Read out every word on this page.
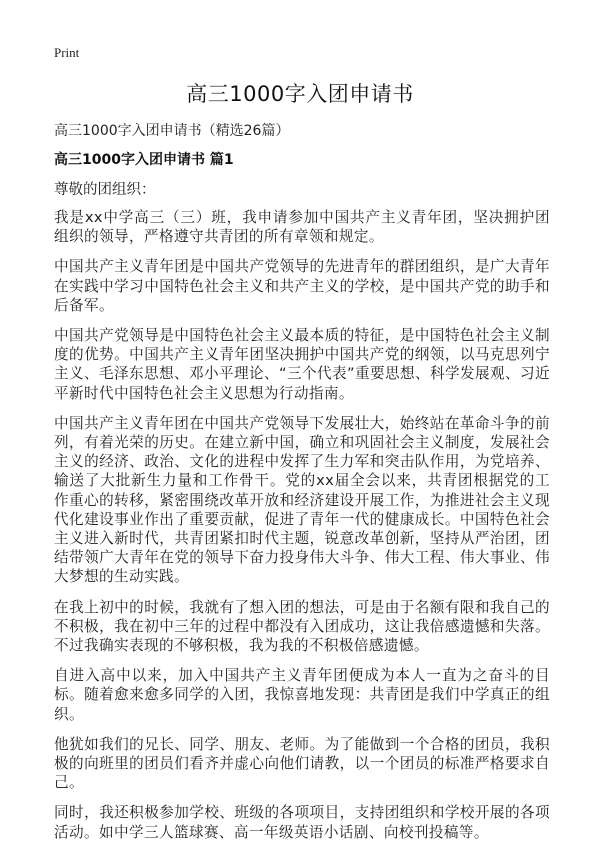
Print
高三1000字入团申请书
高三1000字入团申请书（精选26篇）
高三1000字入团申请书 篇1
尊敬的团组织：

我是xx中学高三（三）班，我申请参加中国共产主义青年团，坚决拥护团组织的领导，严格遵守共青团的所有章领和规定。

中国共产主义青年团是中国共产党领导的先进青年的群团组织，是广大青年在实践中学习中国特色社会主义和共产主义的学校，是中国共产党的助手和后备军。

中国共产党领导是中国特色社会主义最本质的特征，是中国特色社会主义制度的优势。中国共产主义青年团坚决拥护中国共产党的纲领，以马克思列宁主义、毛泽东思想、邓小平理论、“三个代表”重要思想、科学发展观、习近平新时代中国特色社会主义思想为行动指南。

中国共产主义青年团在中国共产党领导下发展壮大，始终站在革命斗争的前列，有着光荣的历史。在建立新中国，确立和巩固社会主义制度，发展社会主义的经济、政治、文化的进程中发挥了生力军和突击队作用，为党培养、输送了大批新生力量和工作骨干。党的xx届全会以来，共青团根据党的工作重心的转移，紧密围绕改革开放和经济建设开展工作，为推进社会主义现代化建设事业作出了重要贡献，促进了青年一代的健康成长。中国特色社会主义进入新时代，共青团紧扣时代主题，锐意改革创新，坚持从严治团，团结带领广大青年在党的领导下奋力投身伟大斗争、伟大工程、伟大事业、伟大梦想的生动实践。

在我上初中的时候，我就有了想入团的想法，可是由于名额有限和我自己的不积极，我在初中三年的过程中都没有入团成功，这让我倍感遗憾和失落。不过我确实表现的不够积极，我为我的不积极倍感遗憾。

自进入高中以来，加入中国共产主义青年团便成为本人一直为之奋斗的目标。随着愈来愈多同学的入团，我惊喜地发现：共青团是我们中学真正的组织。

他犹如我们的兄长、同学、朋友、老师。为了能做到一个合格的团员，我积极的向班里的团员们看齐并虚心向他们请教，以一个团员的标准严格要求自己。

同时，我还积极参加学校、班级的各项项目，支持团组织和学校开展的各项活动。如中学三人篮球赛、高一年级英语小话剧、向校刊投稿等。
